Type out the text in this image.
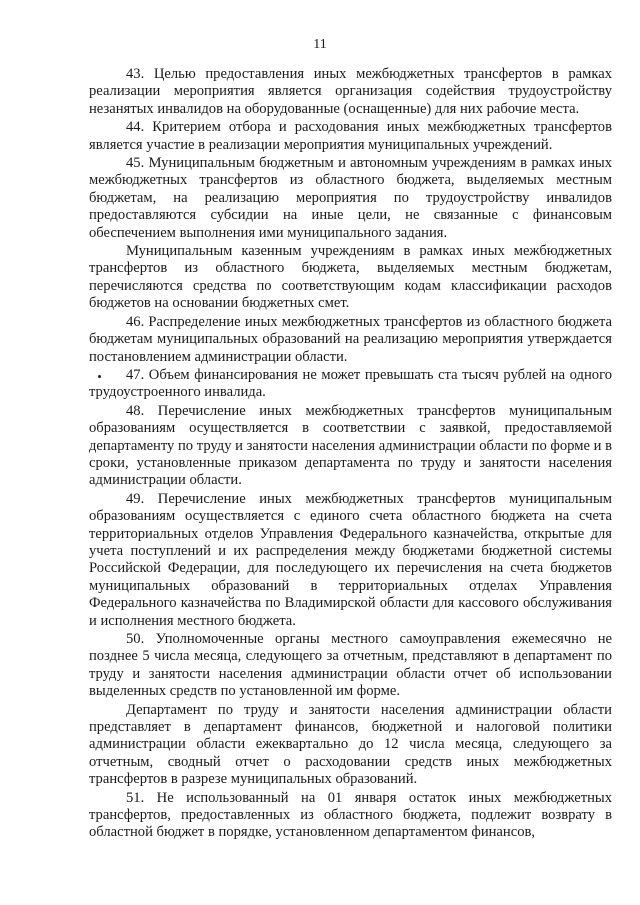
11

43. Целью предоставления иных межбюджетных трансфертов в рамках реализации мероприятия является организация содействия трудоустройству незанятых инвалидов на оборудованные (оснащенные) для них рабочие места.

44. Критерием отбора и расходования иных межбюджетных трансфертов является участие в реализации мероприятия муниципальных учреждений.

45. Муниципальным бюджетным и автономным учреждениям в рамках иных межбюджетных трансфертов из областного бюджета, выделяемых местным бюджетам, на реализацию мероприятия по трудоустройству инвалидов предоставляются субсидии на иные цели, не связанные с финансовым обеспечением выполнения ими муниципального задания.

Муниципальным казенным учреждениям в рамках иных межбюджетных трансфертов из областного бюджета, выделяемых местным бюджетам, перечисляются средства по соответствующим кодам классификации расходов бюджетов на основании бюджетных смет.

46. Распределение иных межбюджетных трансфертов из областного бюджета бюджетам муниципальных образований на реализацию мероприятия утверждается постановлением администрации области.

47. Объем финансирования не может превышать ста тысяч рублей на одного трудоустроенного инвалида.

48. Перечисление иных межбюджетных трансфертов муниципальным образованиям осуществляется в соответствии с заявкой, предоставляемой департаменту по труду и занятости населения администрации области по форме и в сроки, установленные приказом департамента по труду и занятости населения администрации области.

49. Перечисление иных межбюджетных трансфертов муниципальным образованиям осуществляется с единого счета областного бюджета на счета территориальных отделов Управления Федерального казначейства, открытые для учета поступлений и их распределения между бюджетами бюджетной системы Российской Федерации, для последующего их перечисления на счета бюджетов муниципальных образований в территориальных отделах Управления Федерального казначейства по Владимирской области для кассового обслуживания и исполнения местного бюджета.

50. Уполномоченные органы местного самоуправления ежемесячно не позднее 5 числа месяца, следующего за отчетным, представляют в департамент по труду и занятости населения администрации области отчет об использовании выделенных средств по установленной им форме.

Департамент по труду и занятости населения администрации области представляет в департамент финансов, бюджетной и налоговой политики администрации области ежеквартально до 12 числа месяца, следующего за отчетным, сводный отчет о расходовании средств иных межбюджетных трансфертов в разрезе муниципальных образований.

51. Не использованный на 01 января остаток иных межбюджетных трансфертов, предоставленных из областного бюджета, подлежит возврату в областной бюджет в порядке, установленном департаментом финансов,
